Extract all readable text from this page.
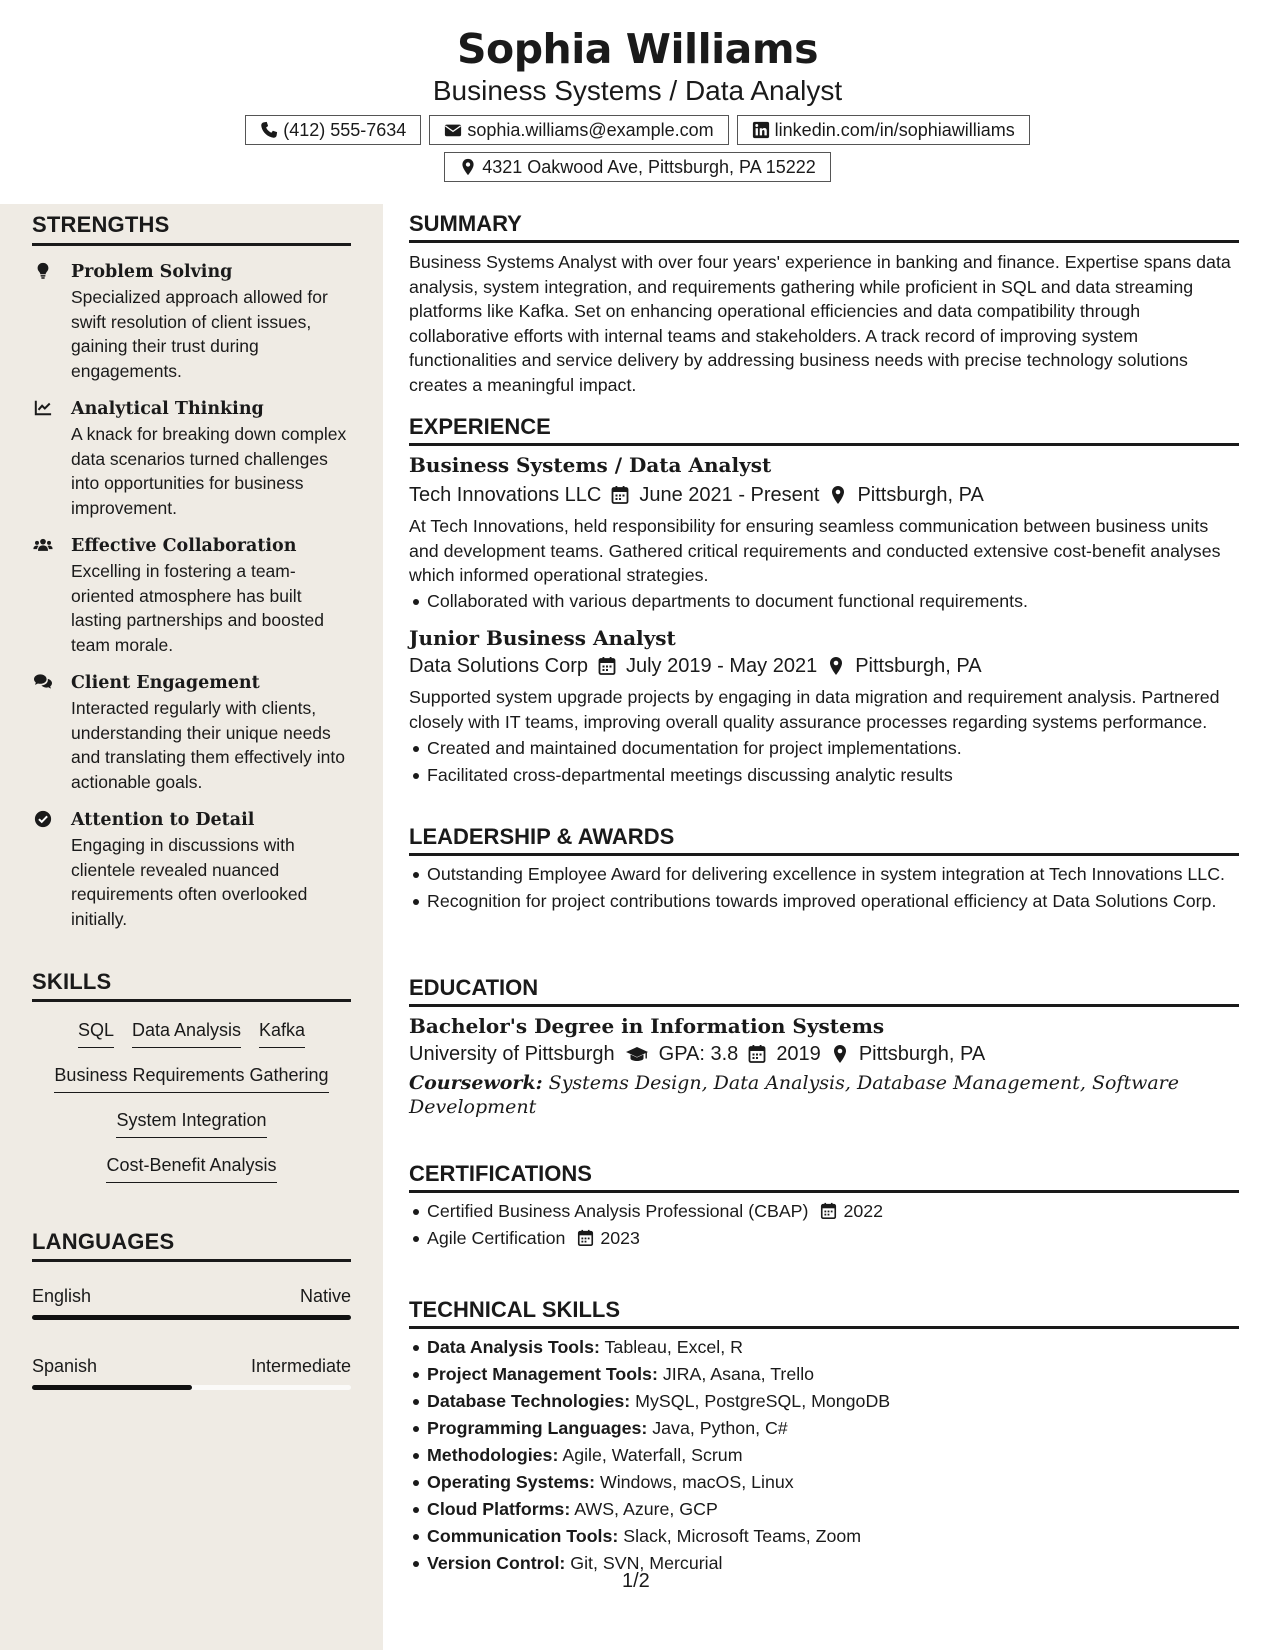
Sophia Williams
Business Systems / Data Analyst
(412) 555-7634	sophia.williams@example.com	linkedin.com/in/sophiawilliams
4321 Oakwood Ave, Pittsburgh, PA 15222
STRENGTHS
Problem Solving
Specialized approach allowed for swift resolution of client issues, gaining their trust during engagements.
Analytical Thinking
A knack for breaking down complex data scenarios turned challenges into opportunities for business improvement.
Effective Collaboration
Excelling in fostering a team-oriented atmosphere has built lasting partnerships and boosted team morale.
Client Engagement
Interacted regularly with clients, understanding their unique needs and translating them effectively into actionable goals.
Attention to Detail
Engaging in discussions with clientele revealed nuanced requirements often overlooked initially.
SKILLS
SQL Data Analysis Kafka
Business Requirements Gathering
System Integration
Cost-Benefit Analysis
LANGUAGES
English	Native
Spanish	Intermediate
SUMMARY
Business Systems Analyst with over four years' experience in banking and finance. Expertise spans data analysis, system integration, and requirements gathering while proficient in SQL and data streaming platforms like Kafka. Set on enhancing operational efficiencies and data compatibility through collaborative efforts with internal teams and stakeholders. A track record of improving system functionalities and service delivery by addressing business needs with precise technology solutions creates a meaningful impact.
EXPERIENCE
Business Systems / Data Analyst
Tech Innovations LLC June 2021 - Present Pittsburgh, PA
At Tech Innovations, held responsibility for ensuring seamless communication between business units and development teams. Gathered critical requirements and conducted extensive cost-benefit analyses which informed operational strategies.
Collaborated with various departments to document functional requirements.
Junior Business Analyst
Data Solutions Corp July 2019 - May 2021 Pittsburgh, PA
Supported system upgrade projects by engaging in data migration and requirement analysis. Partnered closely with IT teams, improving overall quality assurance processes regarding systems performance.
Created and maintained documentation for project implementations.
Facilitated cross-departmental meetings discussing analytic results
LEADERSHIP & AWARDS
Outstanding Employee Award for delivering excellence in system integration at Tech Innovations LLC.
Recognition for project contributions towards improved operational efficiency at Data Solutions Corp.
EDUCATION
Bachelor's Degree in Information Systems
University of Pittsburgh GPA: 3.8 2019 Pittsburgh, PA
Coursework: Systems Design, Data Analysis, Database Management, Software Development
CERTIFICATIONS
Certified Business Analysis Professional (CBAP) 2022
Agile Certification 2023
TECHNICAL SKILLS
Data Analysis Tools: Tableau, Excel, R
Project Management Tools: JIRA, Asana, Trello
Database Technologies: MySQL, PostgreSQL, MongoDB
Programming Languages: Java, Python, C#
Methodologies: Agile, Waterfall, Scrum
Operating Systems: Windows, macOS, Linux
Cloud Platforms: AWS, Azure, GCP
Communication Tools: Slack, Microsoft Teams, Zoom
Version Control: Git, SVN, Mercurial
1/2
